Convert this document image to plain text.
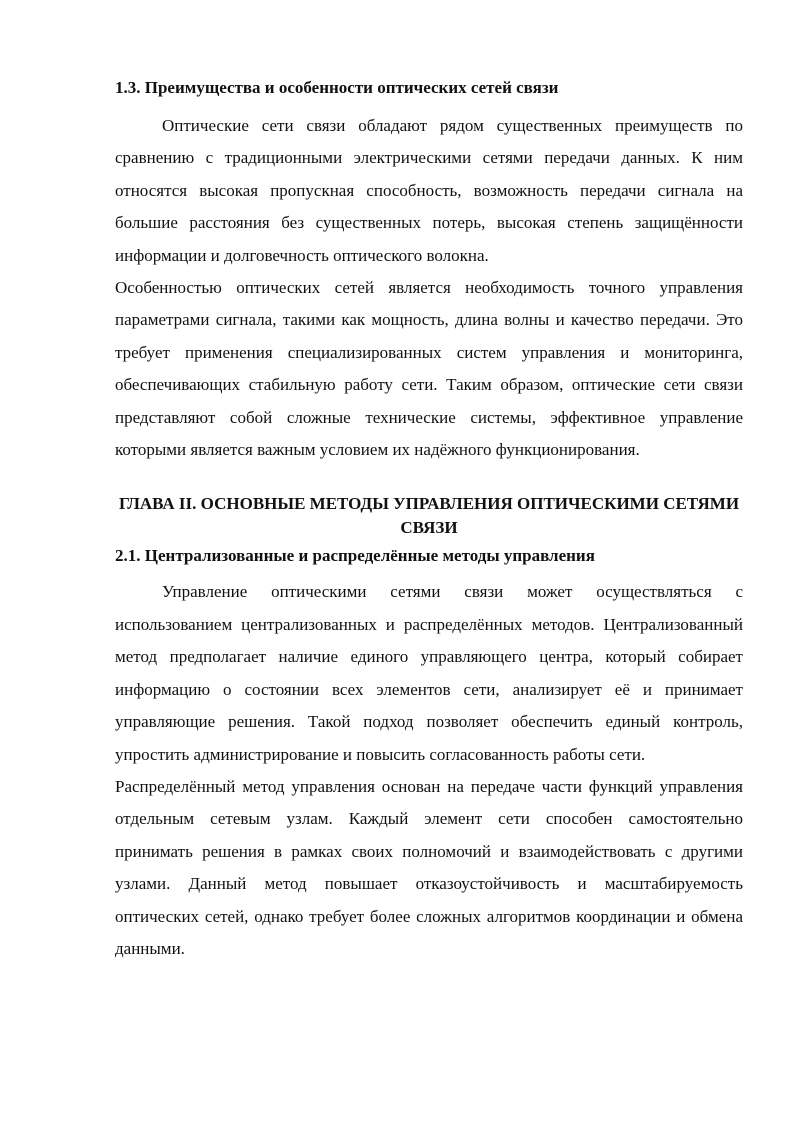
1.3. Преимущества и особенности оптических сетей связи

Оптические сети связи обладают рядом существенных преимуществ по сравнению с традиционными электрическими сетями передачи данных. К ним относятся высокая пропускная способность, возможность передачи сигнала на большие расстояния без существенных потерь, высокая степень защищённости информации и долговечность оптического волокна.

Особенностью оптических сетей является необходимость точного управления параметрами сигнала, такими как мощность, длина волны и качество передачи. Это требует применения специализированных систем управления и мониторинга, обеспечивающих стабильную работу сети. Таким образом, оптические сети связи представляют собой сложные технические системы, эффективное управление которыми является важным условием их надёжного функционирования.

ГЛАВА II. ОСНОВНЫЕ МЕТОДЫ УПРАВЛЕНИЯ ОПТИЧЕСКИМИ СЕТЯМИ СВЯЗИ
2.1. Централизованные и распределённые методы управления

Управление оптическими сетями связи может осуществляться с использованием централизованных и распределённых методов. Централизованный метод предполагает наличие единого управляющего центра, который собирает информацию о состоянии всех элементов сети, анализирует её и принимает управляющие решения. Такой подход позволяет обеспечить единый контроль, упростить администрирование и повысить согласованность работы сети.

Распределённый метод управления основан на передаче части функций управления отдельным сетевым узлам. Каждый элемент сети способен самостоятельно принимать решения в рамках своих полномочий и взаимодействовать с другими узлами. Данный метод повышает отказоустойчивость и масштабируемость оптических сетей, однако требует более сложных алгоритмов координации и обмена данными.
